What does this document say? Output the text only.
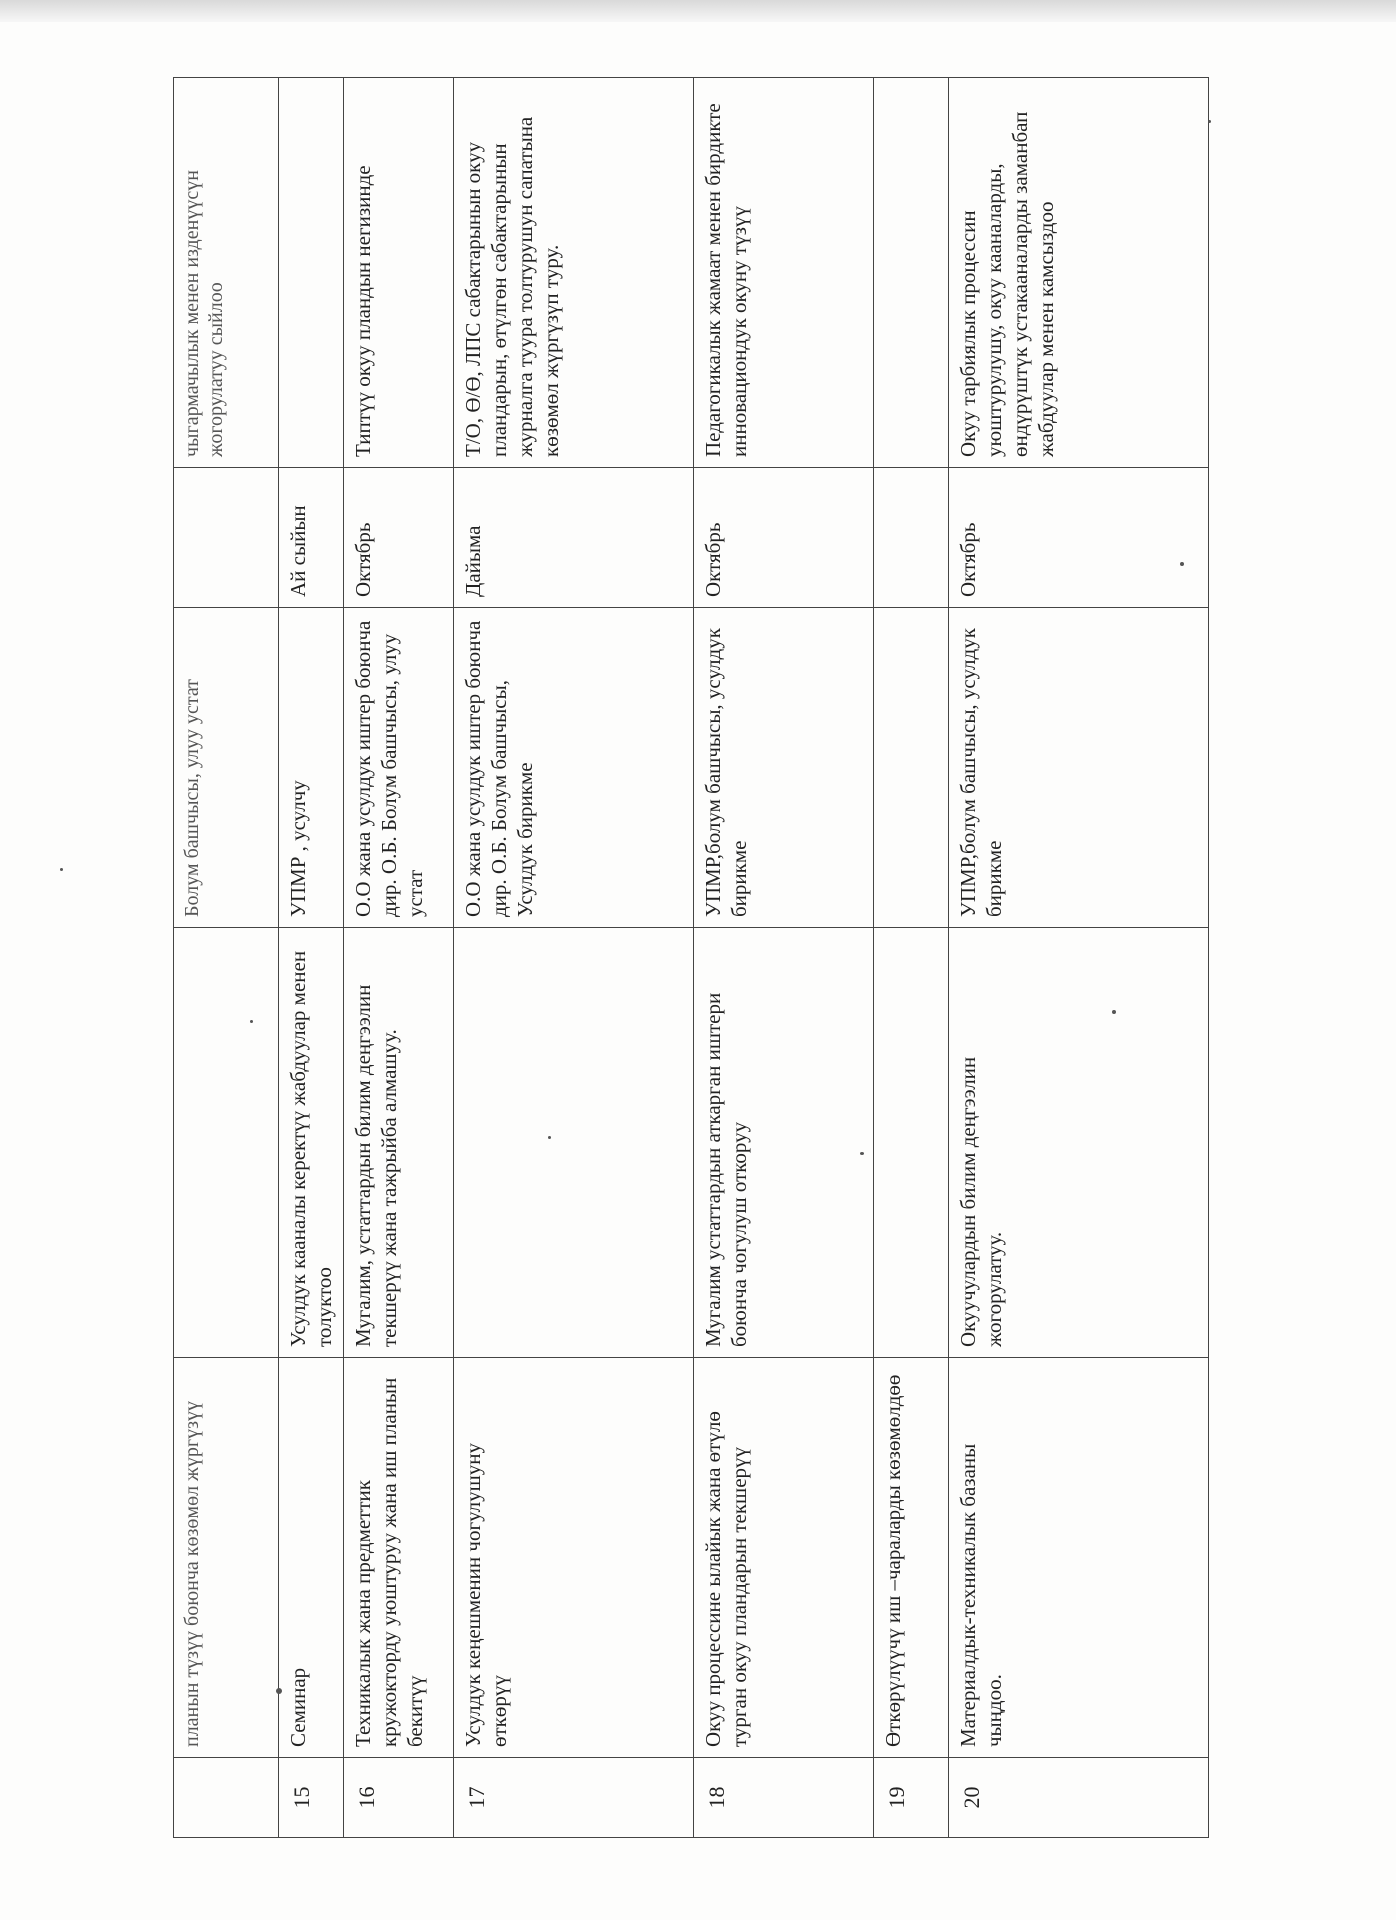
	планын түзүү боюнча көзөмөл жүргүзүү		Болум башчысы, улуу устат		чыгармачылык менен изденүүсүн жогорулатуу сыйлоо
15	Семинар	Усулдук кааналы керектүү жабдуулар менен толуктоо	УПМР , усулчу	Ай сыйын	
16	Техникалык жана предметтик кружокторду уюштуруу жана иш планын бекитүү	Мугалим, устаттардын билим деңгээлин текшерүү жана тажрыйба алмашуу.	О.О жана усулдук иштер боюнча дир. О.Б. Болум башчысы, улуу устат	Октябрь	Типтүү окуу пландын негизинде
17	Усулдук кеңешменин чогулушуну өткөрүү		О.О жана усулдук иштер боюнча дир. О.Б. Болум башчысы, Усулдук бирикме	Дайыма	Т/О, Ө/Ө, ЛПС сабактарынын окуу пландарын, өтүлгөн сабактарынын журналга туура толтурушун сапатына көзөмөл жүргүзүп туру.
18	Окуу процессине ылайык жана өтүлө турган окуу пландарын текшерүү	Мугалим устаттардын аткарган иштери боюнча чогулуш откоруу	УПМР,болум башчысы, усулдук бирикме	Октябрь	Педагогикалык жамаат менен бирдикте инновациондук окуну түзүү
19	Өткөрүлүүчү иш –чараларды көзөмөлдөө				
20	Материалдык-техникалык базаны чыңдоо.	Окуучулардын билим деңгээлин жогорулатуу.	УПМР,болум башчысы, усулдук бирикме	Октябрь	Окуу тарбиялык процессин уюштурулушу, окуу кааналарды, өндүрүштүк устакааналарды заманбап жабдуулар менен камсыздоо
